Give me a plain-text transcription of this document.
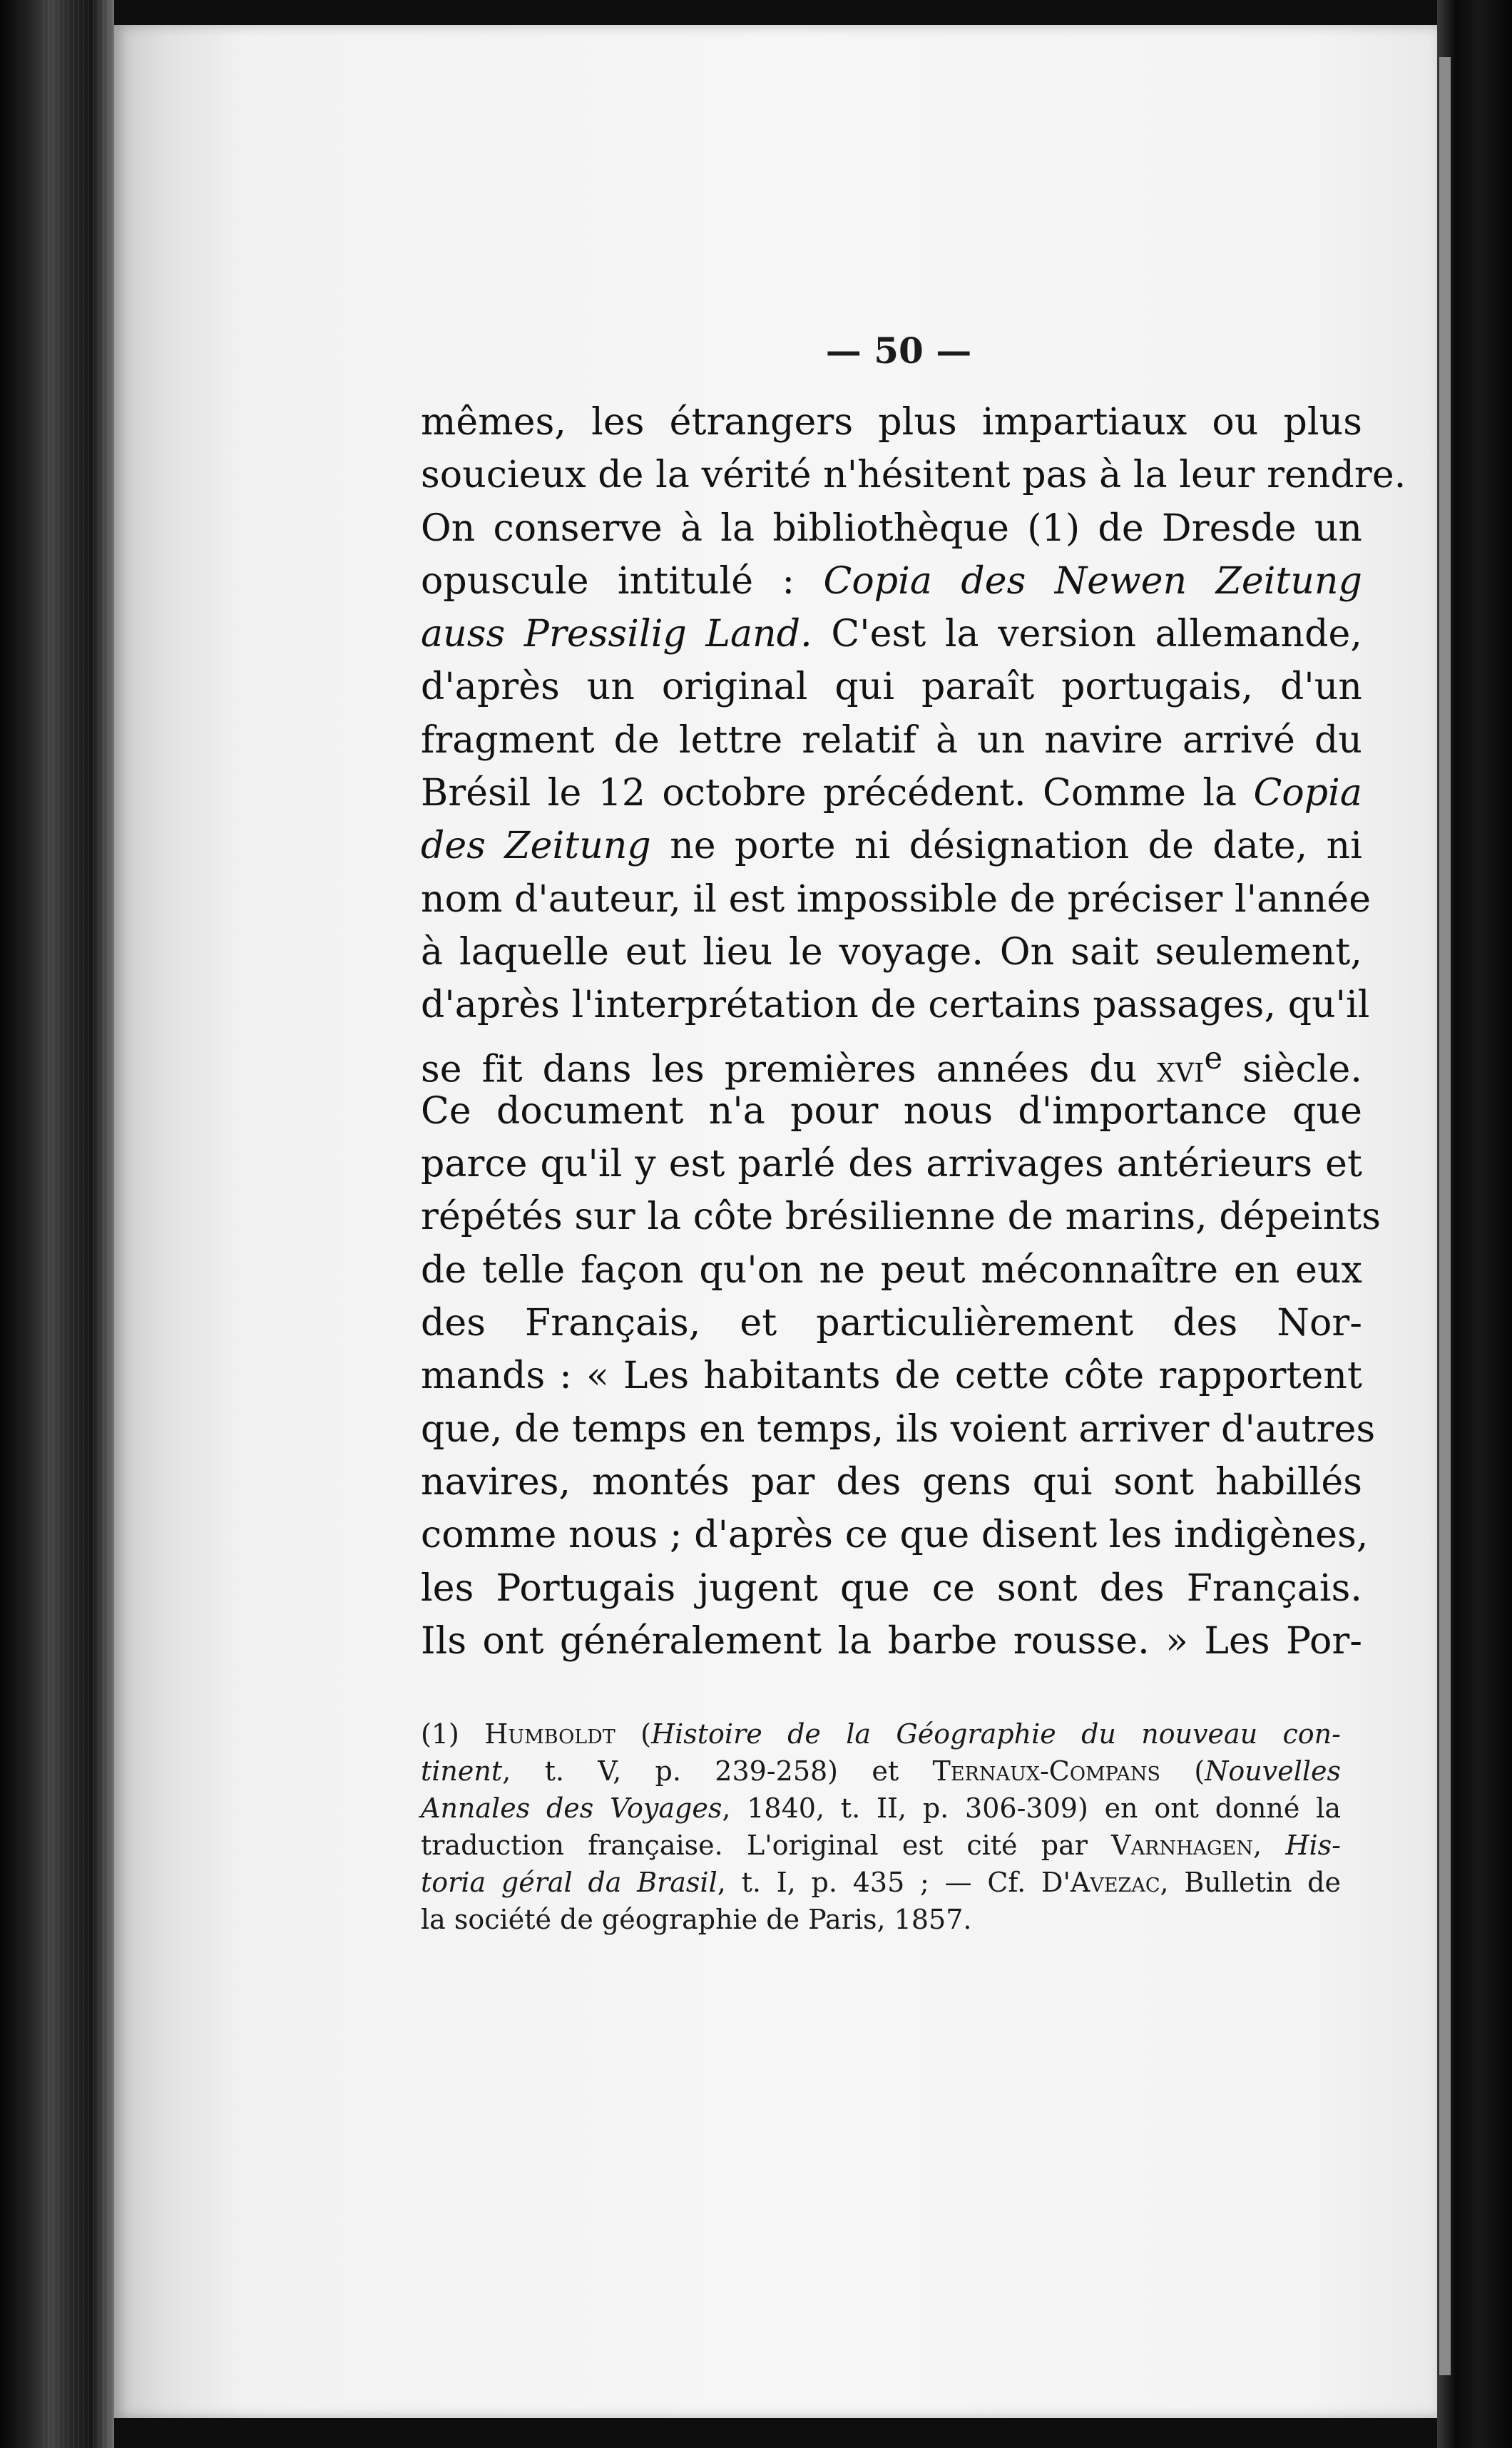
— 50 —

mêmes, les étrangers plus impartiaux ou plus
soucieux de la vérité n'hésitent pas à la leur rendre.
On conserve à la bibliothèque (1) de Dresde un
opuscule intitulé : Copia des Newen Zeitung
auss Pressilig Land. C'est la version allemande,
d'après un original qui paraît portugais, d'un
fragment de lettre relatif à un navire arrivé du
Brésil le 12 octobre précédent. Comme la Copia
des Zeitung ne porte ni désignation de date, ni
nom d'auteur, il est impossible de préciser l'année
à laquelle eut lieu le voyage. On sait seulement,
d'après l'interprétation de certains passages, qu'il
se fit dans les premières années du xvi$^e$ siècle.
Ce document n'a pour nous d'importance que
parce qu'il y est parlé des arrivages antérieurs et
répétés sur la côte brésilienne de marins, dépeints
de telle façon qu'on ne peut méconnaître en eux
des Français, et particulièrement des Nor-
mands : « Les habitants de cette côte rapportent
que, de temps en temps, ils voient arriver d'autres
navires, montés par des gens qui sont habillés
comme nous ; d'après ce que disent les indigènes,
les Portugais jugent que ce sont des Français.
Ils ont généralement la barbe rousse. » Les Por-
(1) Humboldt (Histoire de la Géographie du nouveau con-
tinent, t. V, p. 239-258) et Ternaux-Compans (Nouvelles
Annales des Voyages, 1840, t. II, p. 306-309) en ont donné la
traduction française. L'original est cité par Varnhagen, His-
toria géral da Brasil, t. I, p. 435 ; — Cf. D'Avezac, Bulletin de
la société de géographie de Paris, 1857.
